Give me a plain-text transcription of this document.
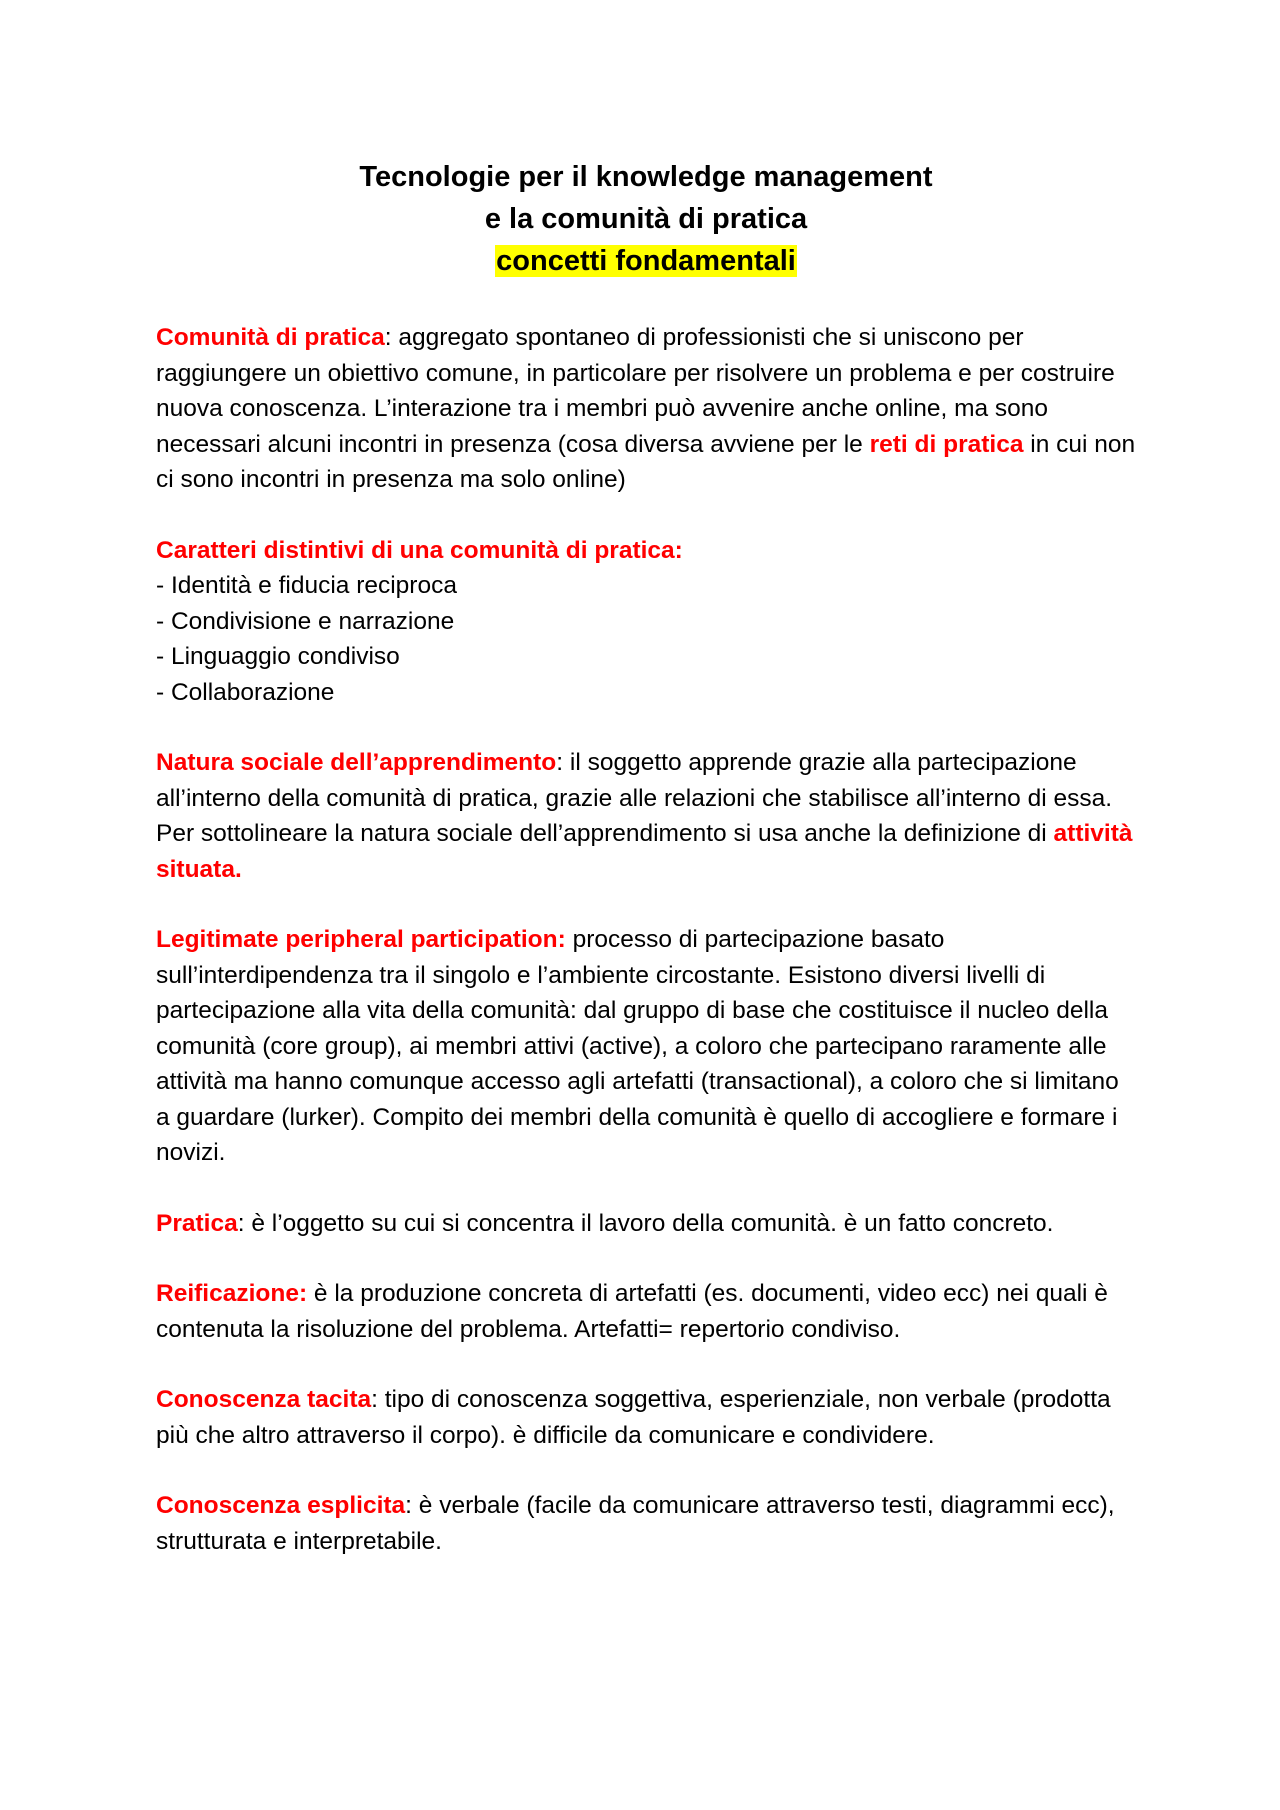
Tecnologie per il knowledge management
e la comunità di pratica
concetti fondamentali
Comunità di pratica: aggregato spontaneo di professionisti che si uniscono per raggiungere un obiettivo comune, in particolare per risolvere un problema e per costruire nuova conoscenza. L’interazione tra i membri può avvenire anche online, ma sono necessari alcuni incontri in presenza (cosa diversa avviene per le reti di pratica in cui non ci sono incontri in presenza ma solo online)
Caratteri distintivi di una comunità di pratica:
- Identità e fiducia reciproca
- Condivisione e narrazione
- Linguaggio condiviso
- Collaborazione
Natura sociale dell’apprendimento: il soggetto apprende grazie alla partecipazione all’interno della comunità di pratica, grazie alle relazioni che stabilisce all’interno di essa. Per sottolineare la natura sociale dell’apprendimento si usa anche la definizione di attività situata.
Legitimate peripheral participation: processo di partecipazione basato sull’interdipendenza tra il singolo e l’ambiente circostante. Esistono diversi livelli di partecipazione alla vita della comunità: dal gruppo di base che costituisce il nucleo della comunità (core group), ai membri attivi (active), a coloro che partecipano raramente alle attività ma hanno comunque accesso agli artefatti (transactional), a coloro che si limitano a guardare (lurker). Compito dei membri della comunità è quello di accogliere e formare i novizi.
Pratica: è l’oggetto su cui si concentra il lavoro della comunità. è un fatto concreto.
Reificazione: è la produzione concreta di artefatti (es. documenti, video ecc) nei quali è contenuta la risoluzione del problema. Artefatti= repertorio condiviso.
Conoscenza tacita: tipo di conoscenza soggettiva, esperienziale, non verbale (prodotta più che altro attraverso il corpo). è difficile da comunicare e condividere.
Conoscenza esplicita: è verbale (facile da comunicare attraverso testi, diagrammi ecc), strutturata e interpretabile.
